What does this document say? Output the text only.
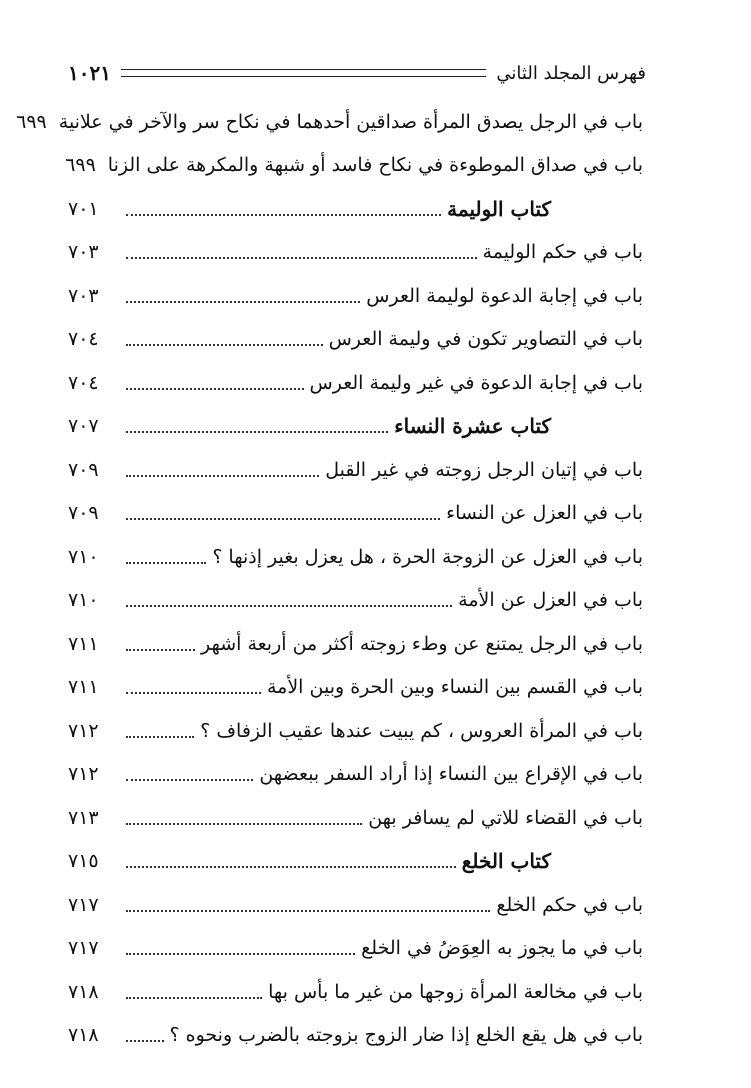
فهرس المجلد الثاني
١٠٢١
باب في الرجل يصدق المرأة صداقين أحدهما في نكاح سر والآخر في علانية
٦٩٩
باب في صداق الموطوءة في نكاح فاسد أو شبهة والمكرهة على الزنا
٦٩٩
كتاب الوليمة
٧٠١
باب في حكم الوليمة
٧٠٣
باب في إجابة الدعوة لوليمة العرس
٧٠٣
باب في التصاوير تكون في وليمة العرس
٧٠٤
باب في إجابة الدعوة في غير وليمة العرس
٧٠٤
كتاب عشرة النساء
٧٠٧
باب في إتيان الرجل زوجته في غير القبل
٧٠٩
باب في العزل عن النساء
٧٠٩
باب في العزل عن الزوجة الحرة ، هل يعزل بغير إذنها ؟
٧١٠
باب في العزل عن الأمة
٧١٠
باب في الرجل يمتنع عن وطء زوجته أكثر من أربعة أشهر
٧١١
باب في القسم بين النساء وبين الحرة وبين الأمة
٧١١
باب في المرأة العروس ، كم يبيت عندها عقيب الزفاف ؟
٧١٢
باب في الإقراع بين النساء إذا أراد السفر ببعضهن
٧١٢
باب في القضاء للاتي لم يسافر بهن
٧١٣
كتاب الخلع
٧١٥
باب في حكم الخلع
٧١٧
باب في ما يجوز به العِوَضُ في الخلع
٧١٧
باب في مخالعة المرأة زوجها من غير ما بأس بها
٧١٨
باب في هل يقع الخلع إذا ضار الزوج بزوجته بالضرب ونحوه ؟
٧١٨
